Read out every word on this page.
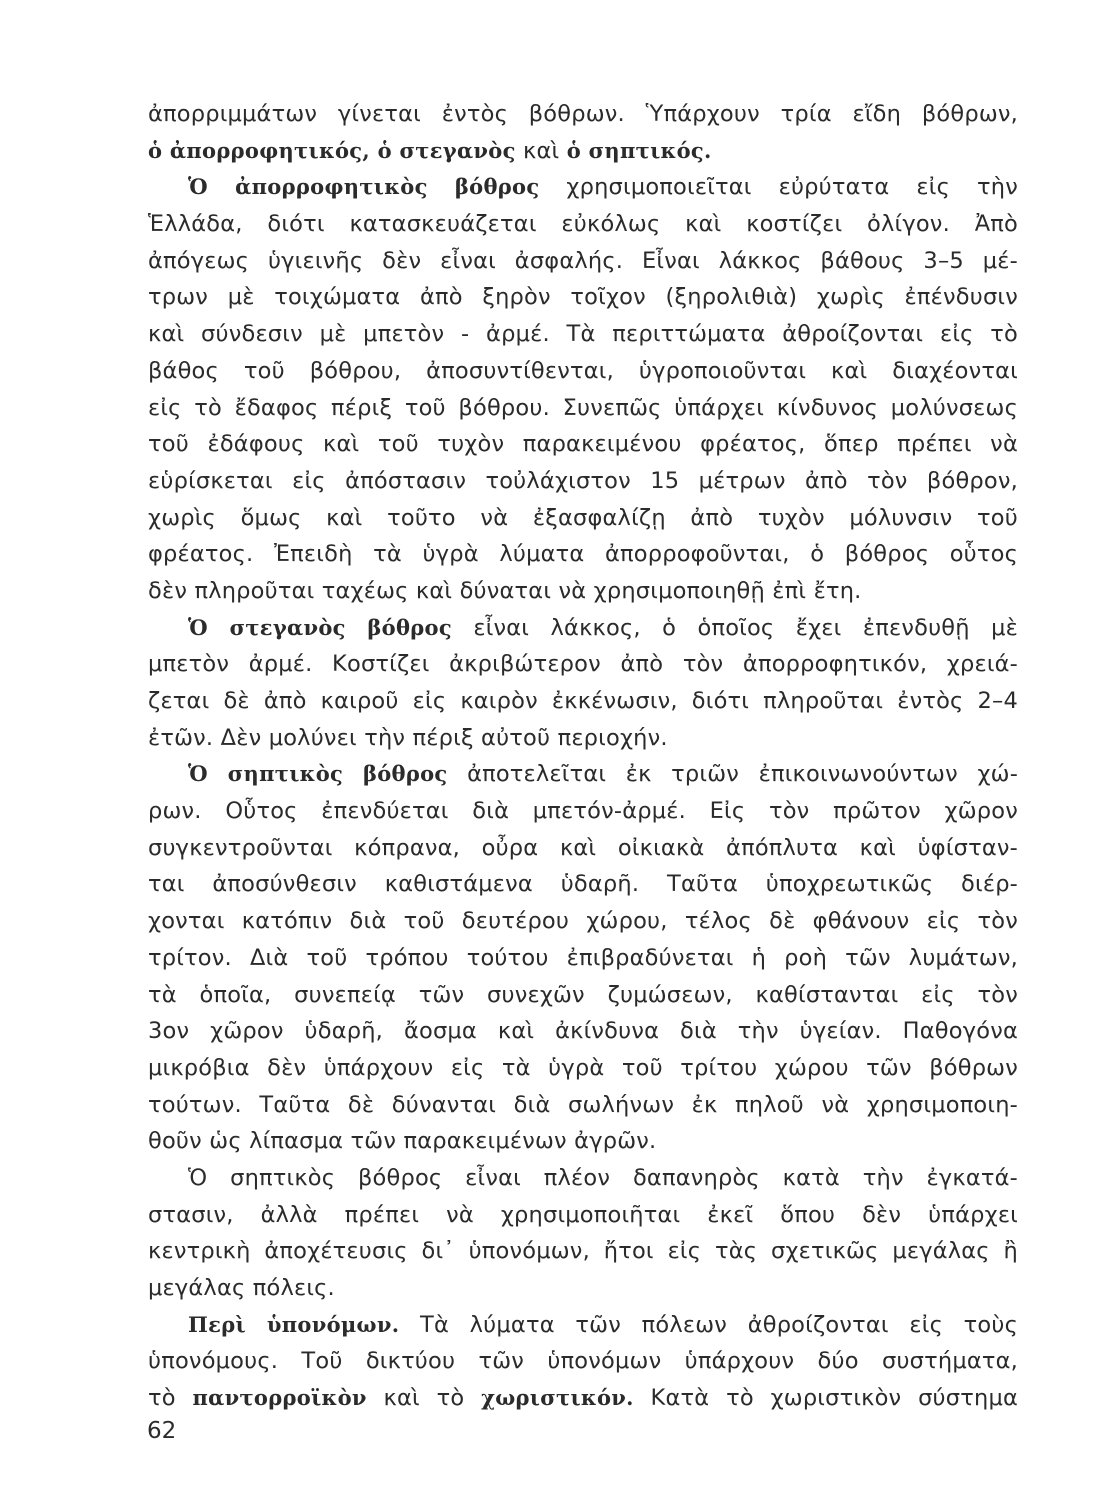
ἀπορριμμάτων γίνεται ἐντὸς βόθρων. Ὑπάρχουν τρία εἴδη βόθρων,
ὁ ἀπορροφητικός, ὁ στεγανὸς καὶ ὁ σηπτικός.
Ὁ ἀπορροφητικὸς βόθρος χρησιμοποιεῖται εὐρύτατα εἰς τὴν
Ἑλλάδα, διότι κατασκευάζεται εὐκόλως καὶ κοστίζει ὀλίγον. Ἀπὸ
ἀπόγεως ὑγιεινῆς δὲν εἶναι ἀσφαλής. Εἶναι λάκκος βάθους 3–5 μέ-
τρων μὲ τοιχώματα ἀπὸ ξηρὸν τοῖχον (ξηρολιθιὰ) χωρὶς ἐπένδυσιν
καὶ σύνδεσιν μὲ μπετὸν - ἀρμέ. Τὰ περιττώματα ἀθροίζονται εἰς τὸ
βάθος τοῦ βόθρου, ἀποσυντίθενται, ὑγροποιοῦνται καὶ διαχέονται
εἰς τὸ ἔδαφος πέριξ τοῦ βόθρου. Συνεπῶς ὑπάρχει κίνδυνος μολύνσεως
τοῦ ἐδάφους καὶ τοῦ τυχὸν παρακειμένου φρέατος, ὅπερ πρέπει νὰ
εὑρίσκεται εἰς ἀπόστασιν τοὐλάχιστον 15 μέτρων ἀπὸ τὸν βόθρον,
χωρὶς ὅμως καὶ τοῦτο νὰ ἐξασφαλίζῃ ἀπὸ τυχὸν μόλυνσιν τοῦ
φρέατος. Ἐπειδὴ τὰ ὑγρὰ λύματα ἀπορροφοῦνται, ὁ βόθρος οὗτος
δὲν πληροῦται ταχέως καὶ δύναται νὰ χρησιμοποιηθῇ ἐπὶ ἔτη.
Ὁ στεγανὸς βόθρος εἶναι λάκκος, ὁ ὁποῖος ἔχει ἐπενδυθῇ μὲ
μπετὸν ἀρμέ. Κοστίζει ἀκριβώτερον ἀπὸ τὸν ἀπορροφητικόν, χρειά-
ζεται δὲ ἀπὸ καιροῦ εἰς καιρὸν ἐκκένωσιν, διότι πληροῦται ἐντὸς 2–4
ἐτῶν. Δὲν μολύνει τὴν πέριξ αὐτοῦ περιοχήν.
Ὁ σηπτικὸς βόθρος ἀποτελεῖται ἐκ τριῶν ἐπικοινωνούντων χώ-
ρων. Οὗτος ἐπενδύεται διὰ μπετόν-ἀρμέ. Εἰς τὸν πρῶτον χῶρον
συγκεντροῦνται κόπρανα, οὖρα καὶ οἰκιακὰ ἀπόπλυτα καὶ ὑφίσταν-
ται ἀποσύνθεσιν καθιστάμενα ὑδαρῆ. Ταῦτα ὑποχρεωτικῶς διέρ-
χονται κατόπιν διὰ τοῦ δευτέρου χώρου, τέλος δὲ φθάνουν εἰς τὸν
τρίτον. Διὰ τοῦ τρόπου τούτου ἐπιβραδύνεται ἡ ροὴ τῶν λυμάτων,
τὰ ὁποῖα, συνεπείᾳ τῶν συνεχῶν ζυμώσεων, καθίστανται εἰς τὸν
3ον χῶρον ὑδαρῆ, ἄοσμα καὶ ἀκίνδυνα διὰ τὴν ὑγείαν. Παθογόνα
μικρόβια δὲν ὑπάρχουν εἰς τὰ ὑγρὰ τοῦ τρίτου χώρου τῶν βόθρων
τούτων. Ταῦτα δὲ δύνανται διὰ σωλήνων ἐκ πηλοῦ νὰ χρησιμοποιη-
θοῦν ὡς λίπασμα τῶν παρακειμένων ἀγρῶν.
Ὁ σηπτικὸς βόθρος εἶναι πλέον δαπανηρὸς κατὰ τὴν ἐγκατά-
στασιν, ἀλλὰ πρέπει νὰ χρησιμοποιῆται ἐκεῖ ὅπου δὲν ὑπάρχει
κεντρικὴ ἀποχέτευσις δι᾽ ὑπονόμων, ἤτοι εἰς τὰς σχετικῶς μεγάλας ἢ
μεγάλας πόλεις.
Περὶ ὑπονόμων. Τὰ λύματα τῶν πόλεων ἀθροίζονται εἰς τοὺς
ὑπονόμους. Τοῦ δικτύου τῶν ὑπονόμων ὑπάρχουν δύο συστήματα,
τὸ παντορροϊκὸν καὶ τὸ χωριστικόν. Κατὰ τὸ χωριστικὸν σύστημα
62
